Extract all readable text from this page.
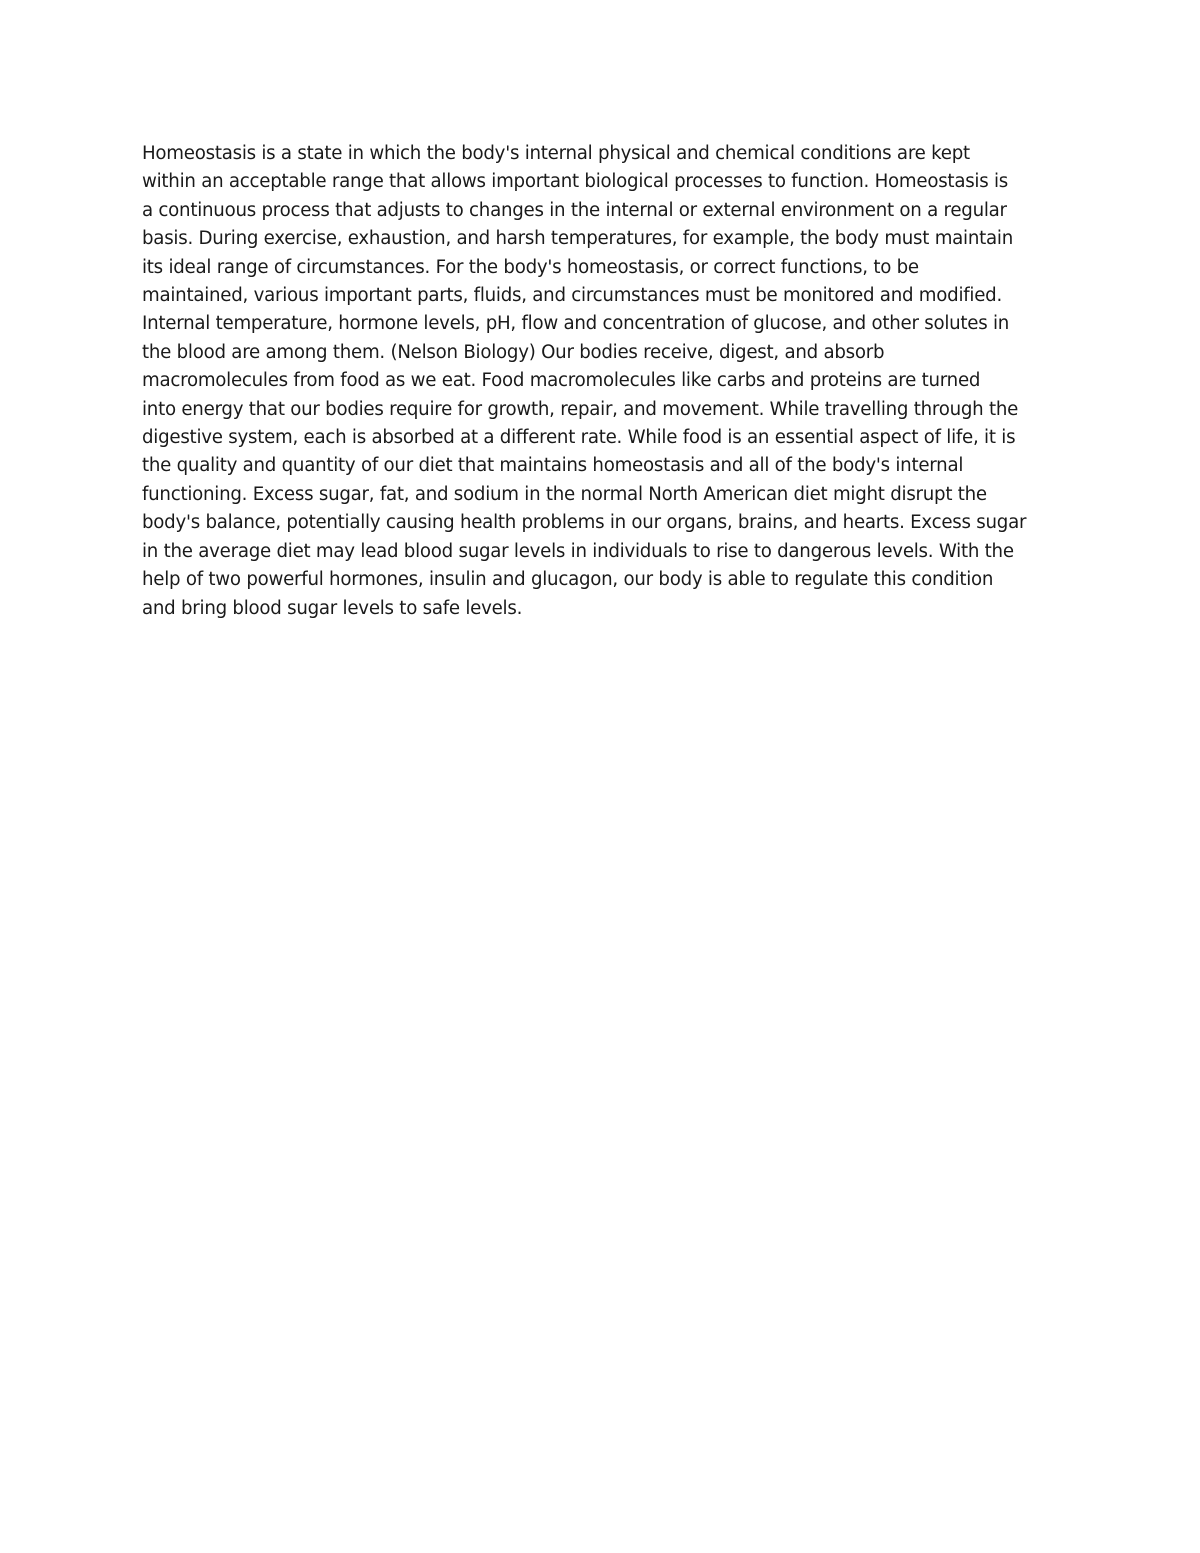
Homeostasis is a state in which the body's internal physical and chemical conditions are kept
within an acceptable range that allows important biological processes to function. Homeostasis is
a continuous process that adjusts to changes in the internal or external environment on a regular
basis. During exercise, exhaustion, and harsh temperatures, for example, the body must maintain
its ideal range of circumstances. For the body's homeostasis, or correct functions, to be
maintained, various important parts, fluids, and circumstances must be monitored and modified.
Internal temperature, hormone levels, pH, flow and concentration of glucose, and other solutes in
the blood are among them. (Nelson Biology) Our bodies receive, digest, and absorb
macromolecules from food as we eat. Food macromolecules like carbs and proteins are turned
into energy that our bodies require for growth, repair, and movement. While travelling through the
digestive system, each is absorbed at a different rate. While food is an essential aspect of life, it is
the quality and quantity of our diet that maintains homeostasis and all of the body's internal
functioning. Excess sugar, fat, and sodium in the normal North American diet might disrupt the
body's balance, potentially causing health problems in our organs, brains, and hearts. Excess sugar
in the average diet may lead blood sugar levels in individuals to rise to dangerous levels. With the
help of two powerful hormones, insulin and glucagon, our body is able to regulate this condition
and bring blood sugar levels to safe levels.
